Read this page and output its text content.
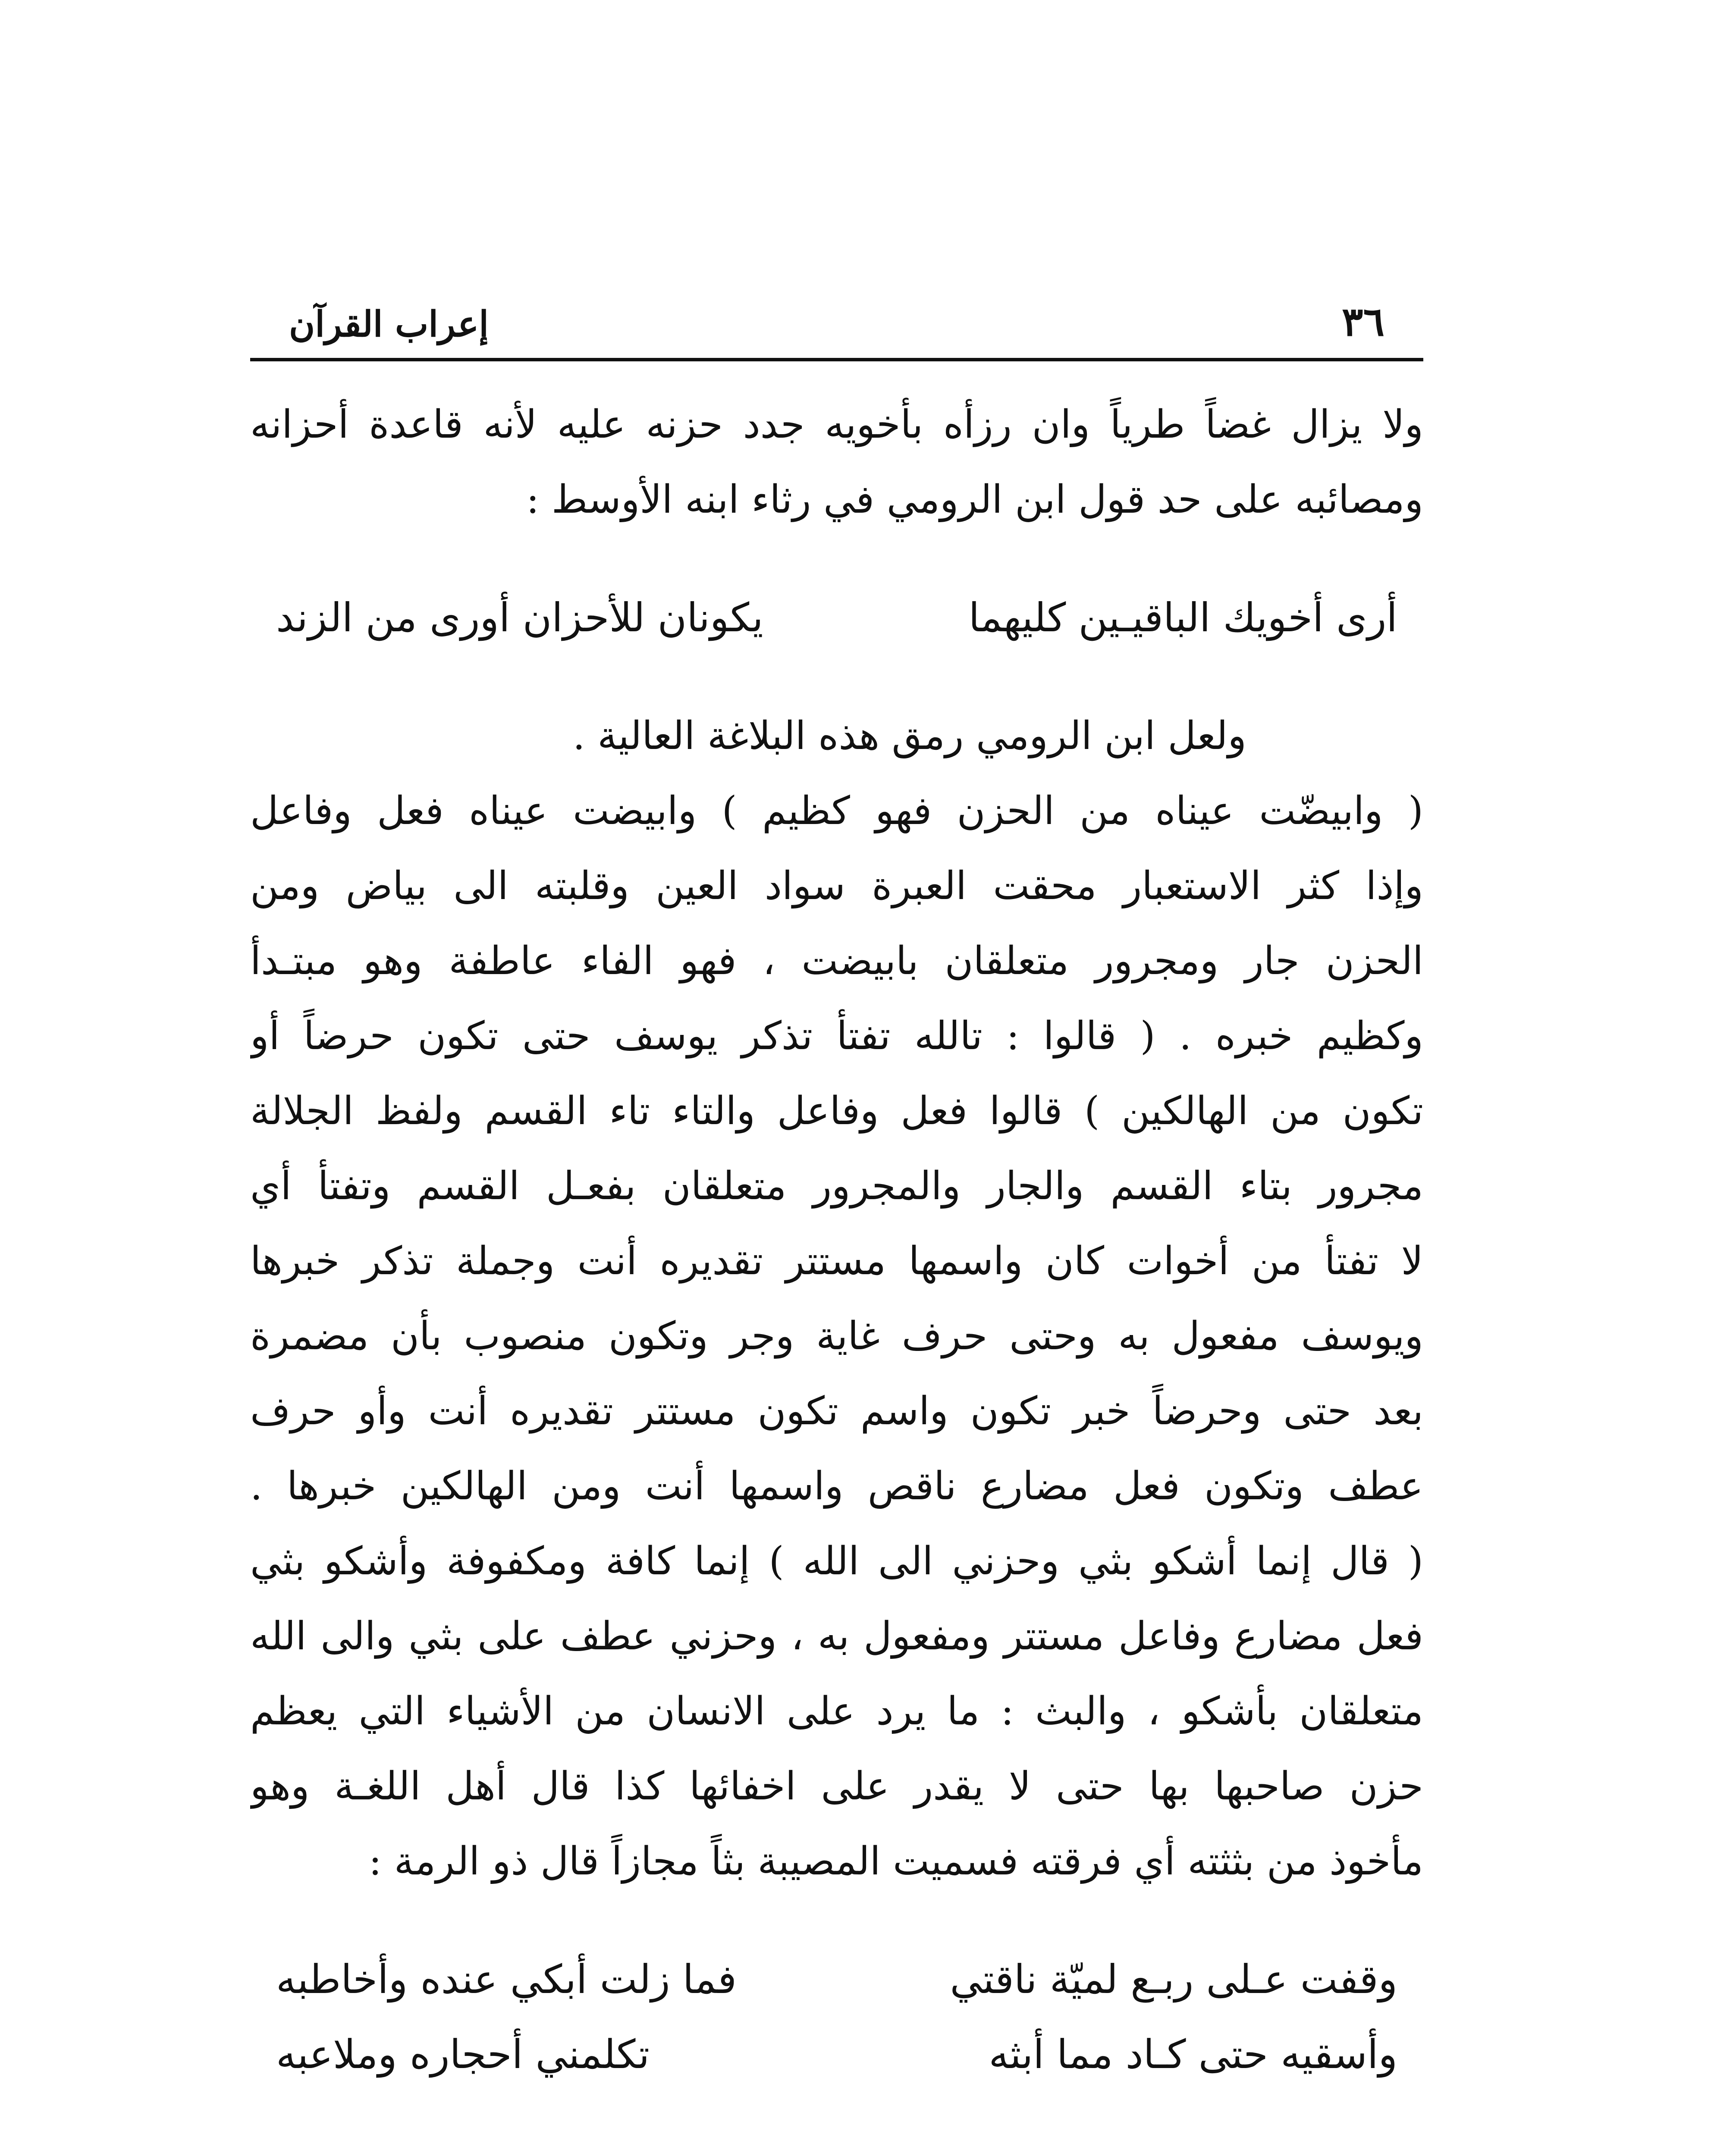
٣٦
إعراب القرآن
ولا يزال غضاً طرياً وان رزأه بأخويه جدد حزنه عليه لأنه قاعدة أحزانه
ومصائبه على حد قول ابن الرومي في رثاء ابنه الأوسط :
أرى أخويك الباقيـين كليهما
يكونان للأحزان أورى من الزند
ولعل ابن الرومي رمق هذه البلاغة العالية .
( وابيضّت عيناه من الحزن فهو كظيم ) وابيضت عيناه فعل وفاعل
وإذا كثر الاستعبار محقت العبرة سواد العين وقلبته الى بياض ومن
الحزن جار ومجرور متعلقان بابيضت ، فهو الفاء عاطفة وهو مبتـدأ
وكظيم خبره . ( قالوا : تالله تفتأ تذكر يوسف حتى تكون حرضاً أو
تكون من الهالكين ) قالوا فعل وفاعل والتاء تاء القسم ولفظ الجلالة
مجرور بتاء القسم والجار والمجرور متعلقان بفعـل القسم وتفتأ أي
لا تفتأ من أخوات كان واسمها مستتر تقديره أنت وجملة تذكر خبرها
ويوسف مفعول به وحتى حرف غاية وجر وتكون منصوب بأن مضمرة
بعد حتى وحرضاً خبر تكون واسم تكون مستتر تقديره أنت وأو حرف
عطف وتكون فعل مضارع ناقص واسمها أنت ومن الهالكين خبرها .
( قال إنما أشكو بثي وحزني الى الله ) إنما كافة ومكفوفة وأشكو بثي
فعل مضارع وفاعل مستتر ومفعول به ، وحزني عطف على بثي والى الله
متعلقان بأشكو ، والبث : ما يرد على الانسان من الأشياء التي يعظم
حزن صاحبها بها حتى لا يقدر على اخفائها كذا قال أهل اللغـة وهو
مأخوذ من بثثته أي فرقته فسميت المصيبة بثاً مجازاً قال ذو الرمة :
وقفت عـلى ربـع لميّة ناقتي
فما زلت أبكي عنده وأخاطبه
وأسقيه حتى كـاد مما أبثه
تكلمني أحجاره وملاعبه
